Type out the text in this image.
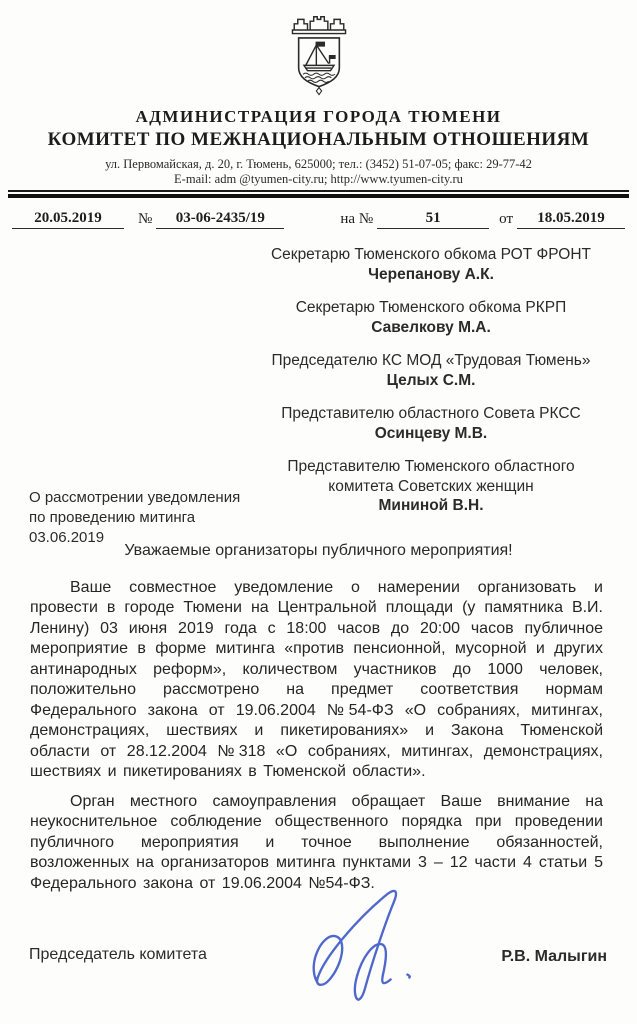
АДМИНИСТРАЦИЯ ГОРОДА ТЮМЕНИ
КОМИТЕТ ПО МЕЖНАЦИОНАЛЬНЫМ ОТНОШЕНИЯМ
ул. Первомайская, д. 20, г. Тюмень, 625000; тел.: (3452) 51-07-05; факс: 29-77-42
E-mail: adm @tyumen-city.ru; http://www.tyumen-city.ru
20.05.2019	№	03-06-2435/19	на №	51	от	18.05.2019
Секретарю Тюменского обкома РОТ ФРОНТ
Черепанову А.К.
Секретарю Тюменского обкома РКРП
Савелкову М.А.
Председателю КС МОД «Трудовая Тюмень»
Целых С.М.
Представителю областного Совета РКСС
Осинцеву М.В.
Представителю Тюменского областного комитета Советских женщин
Мининой В.Н.
О рассмотрении уведомления
по проведению митинга
03.06.2019
Уважаемые организаторы публичного мероприятия!

Ваше совместное уведомление о намерении организовать и провести в городе Тюмени на Центральной площади (у памятника В.И. Ленину) 03 июня 2019 года с 18:00 часов до 20:00 часов публичное мероприятие в форме митинга «против пенсионной, мусорной и других антинародных реформ», количеством участников до 1000 человек, положительно рассмотрено на предмет соответствия нормам Федерального закона от 19.06.2004 №54-ФЗ «О собраниях, митингах, демонстрациях, шествиях и пикетированиях» и Закона Тюменской области от 28.12.2004 №318 «О собраниях, митингах, демонстрациях, шествиях и пикетированиях в Тюменской области».

Орган местного самоуправления обращает Ваше внимание на неукоснительное соблюдение общественного порядка при проведении публичного мероприятия и точное выполнение обязанностей, возложенных на организаторов митинга пунктами 3 – 12 части 4 статьи 5 Федерального закона от 19.06.2004 №54-ФЗ.

Председатель комитета	Р.В. Малыгин
